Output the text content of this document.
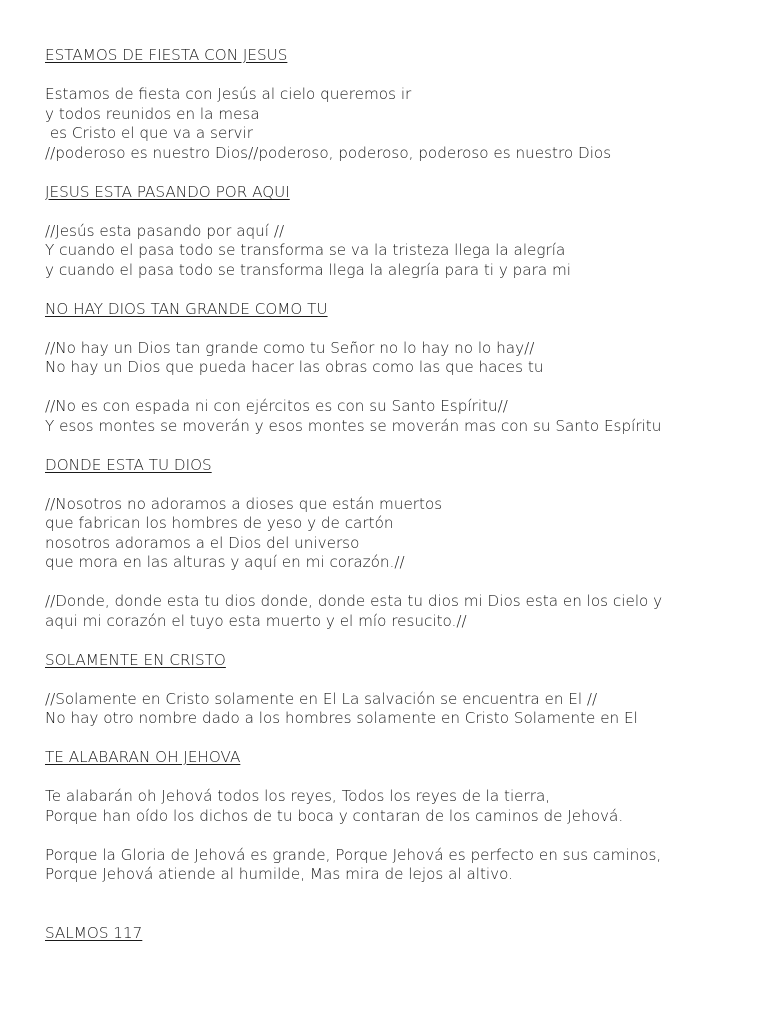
ESTAMOS DE FIESTA CON JESUS
Estamos de fiesta con Jesús al cielo queremos ir
y todos reunidos en la mesa
es Cristo el que va a servir
//poderoso es nuestro Dios//poderoso, poderoso, poderoso es nuestro Dios
JESUS ESTA PASANDO POR AQUI
//Jesús esta pasando por aquí //
Y cuando el pasa todo se transforma se va la tristeza llega la alegría
y cuando el pasa todo se transforma llega la alegría para ti y para mi
NO HAY DIOS TAN GRANDE COMO TU
//No hay un Dios tan grande como tu Señor no lo hay no lo hay//
No hay un Dios que pueda hacer las obras como las que haces tu
//No es con espada ni con ejércitos es con su Santo Espíritu//
Y esos montes se moverán y esos montes se moverán mas con su Santo Espíritu
DONDE ESTA TU DIOS
//Nosotros no adoramos a dioses que están muertos
que fabrican los hombres de yeso y de cartón
nosotros adoramos a el Dios del universo
que mora en las alturas y aquí en mi corazón.//
//Donde, donde esta tu dios donde, donde esta tu dios mi Dios esta en los cielo y
aqui mi corazón el tuyo esta muerto y el mío resucito.//
SOLAMENTE EN CRISTO
//Solamente en Cristo solamente en El La salvación se encuentra en El //
No hay otro nombre dado a los hombres solamente en Cristo Solamente en El
TE ALABARAN OH JEHOVA
Te alabarán oh Jehová todos los reyes, Todos los reyes de la tierra,
Porque han oído los dichos de tu boca y contaran de los caminos de Jehová.
Porque la Gloria de Jehová es grande, Porque Jehová es perfecto en sus caminos,
Porque Jehová atiende al humilde, Mas mira de lejos al altivo.
SALMOS 117
